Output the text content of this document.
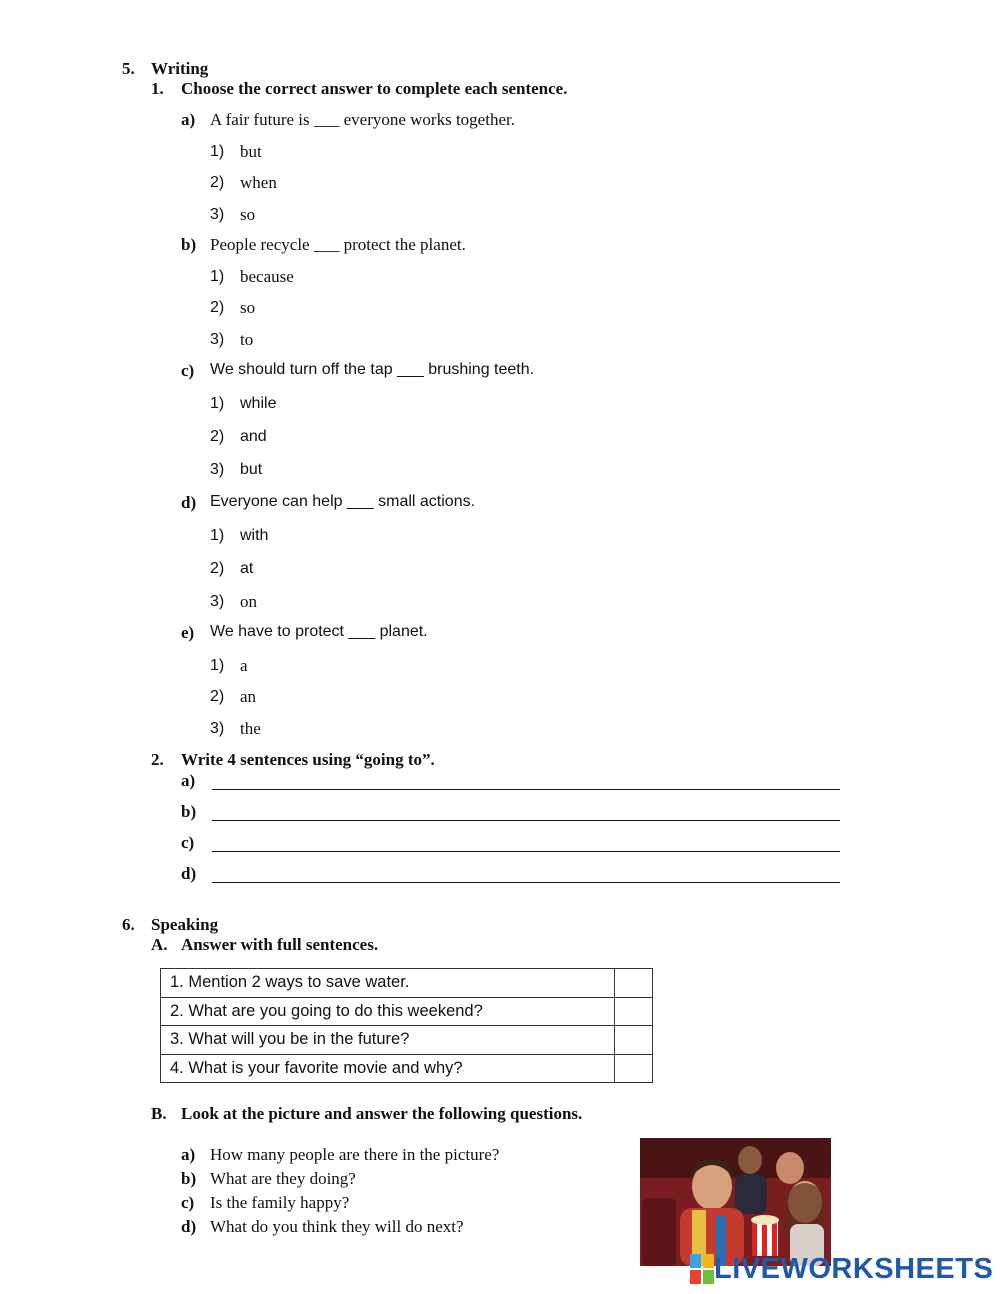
5. Writing
1. Choose the correct answer to complete each sentence.
a) A fair future is ___ everyone works together.
1) but
2) when
3) so
b) People recycle ___ protect the planet.
1) because
2) so
3) to
c) We should turn off the tap ___ brushing teeth.
1) while
2) and
3) but
d) Everyone can help ___ small actions.
1) with
2) at
3) on
e) We have to protect ___ planet.
1) a
2) an
3) the
2. Write 4 sentences using “going to”.
a)
b)
c)
d)
6. Speaking
A. Answer with full sentences.
1. Mention 2 ways to save water.	
2. What are you going to do this weekend?	
3. What will you be in the future?	
4. What is your favorite movie and why?	
B. Look at the picture and answer the following questions.
a) How many people are there in the picture?
b) What are they doing?
c) Is the family happy?
d) What do you think they will do next?
LIVEWORKSHEETS
